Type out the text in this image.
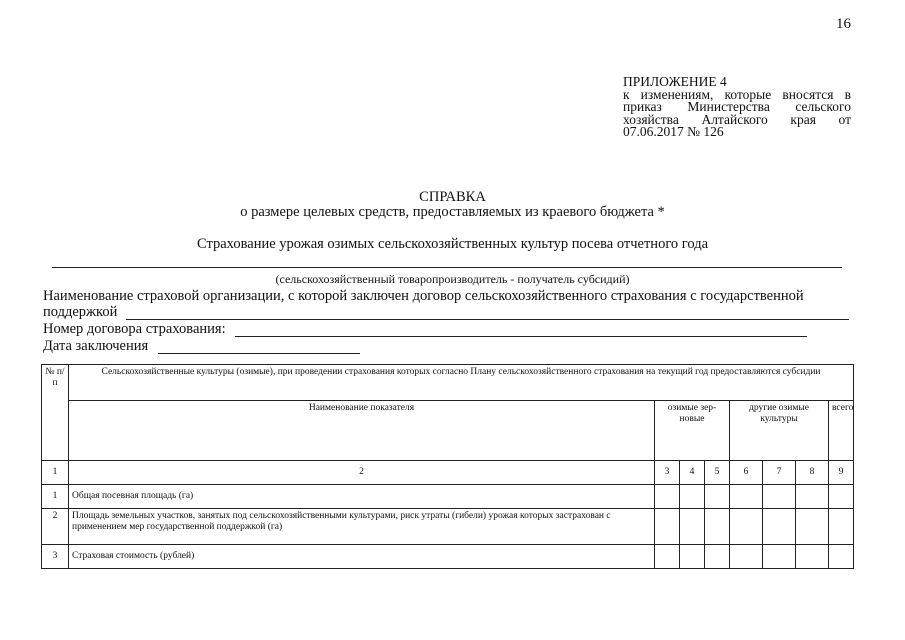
16
ПРИЛОЖЕНИЕ 4
к изменениям, которые вносятся в
приказ Министерства сельского
хозяйства Алтайского края от
07.06.2017 № 126
СПРАВКА
о размере целевых средств, предоставляемых из краевого бюджета *
Страхование урожая озимых сельскохозяйственных культур посева отчетного года
(сельскохозяйственный товаропроизводитель - получатель субсидий)
Наименование страховой организации, с которой заключен договор сельскохозяйственного страхования с государственной
поддержкой
Номер договора страхования:
Дата заключения
№ п/п	Сельскохозяйственные культуры (озимые), при проведении страхования которых согласно Плану сельскохозяйственного страхования на текущий год предоставляются субсидии							
	Наименование показателя	озимые зер-новые			другие озимые культуры			всего
1	2	3	4	5	6	7	8	9
1	Общая посевная площадь (га)							
2	Площадь земельных участков, занятых под сельскохозяйственными культурами, риск утраты (гибели) урожая которых застрахован с применением мер государственной поддержкой (га)							
3	Страховая стоимость (рублей)							
